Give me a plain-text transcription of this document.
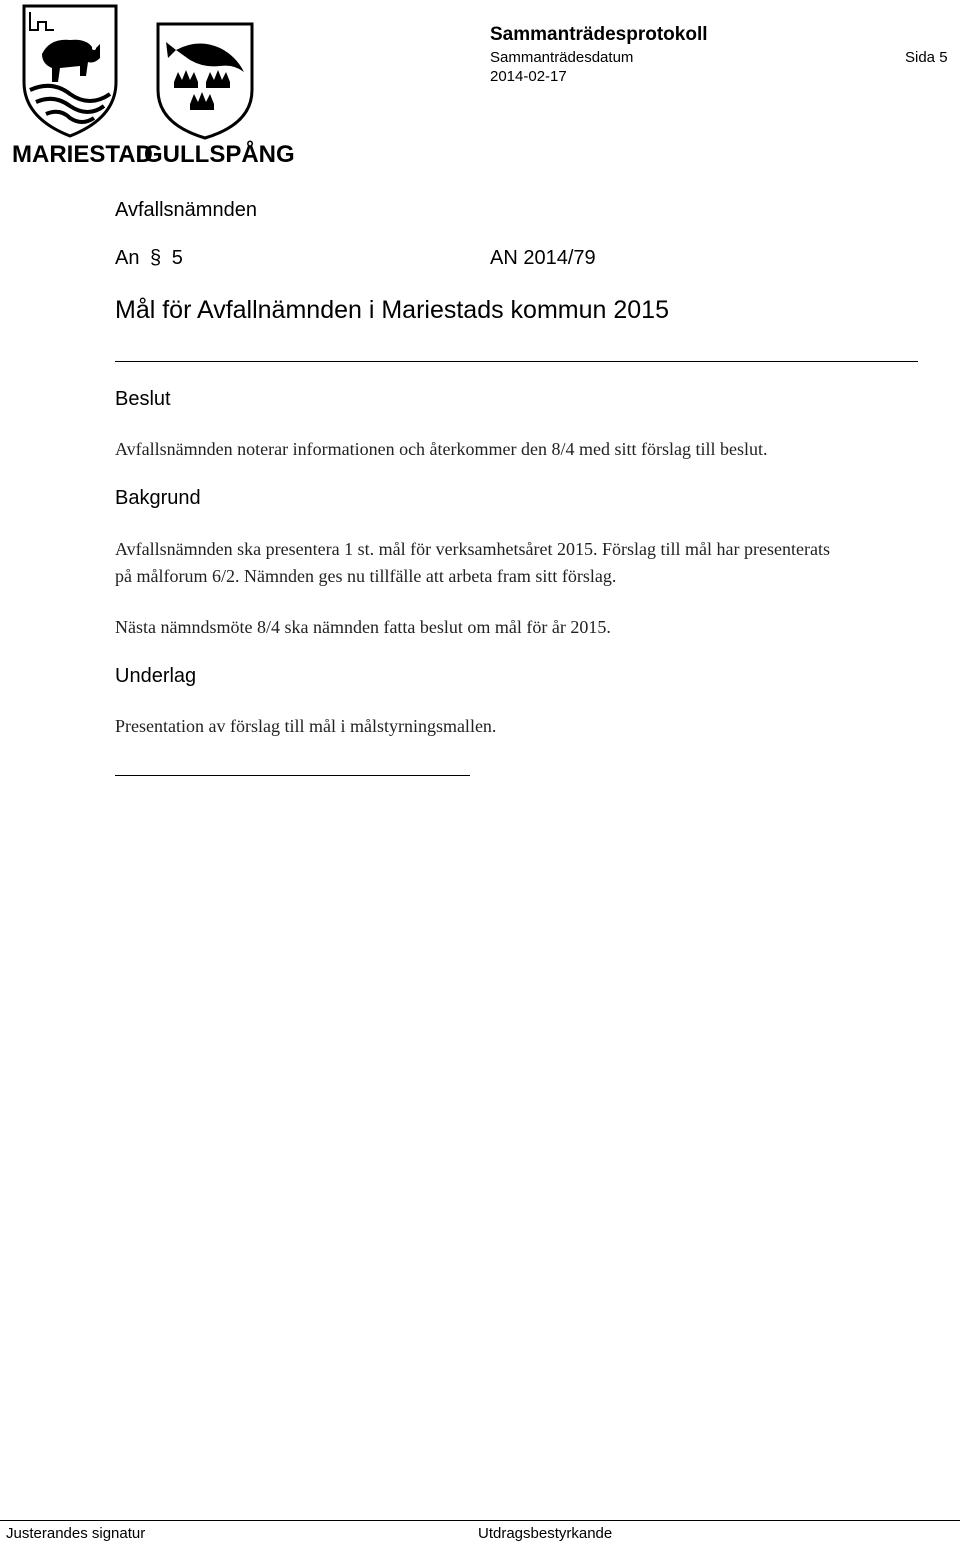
MARIESTAD
GULLSPÅNG
Sammanträdesprotokoll
Sammanträdesdatum	Sida 5
2014-02-17
Avfallsnämnden
An § 5	AN 2014/79
Mål för Avfallnämnden i Mariestads kommun 2015
Beslut
Avfallsnämnden noterar informationen och återkommer den 8/4 med sitt förslag till beslut.
Bakgrund
Avfallsnämnden ska presentera 1 st. mål för verksamhetsåret 2015. Förslag till mål har presenterats på målforum 6/2. Nämnden ges nu tillfälle att arbeta fram sitt förslag.
Nästa nämndsmöte 8/4 ska nämnden fatta beslut om mål för år 2015.
Underlag
Presentation av förslag till mål i målstyrningsmallen.
Justerandes signatur	Utdragsbestyrkande
